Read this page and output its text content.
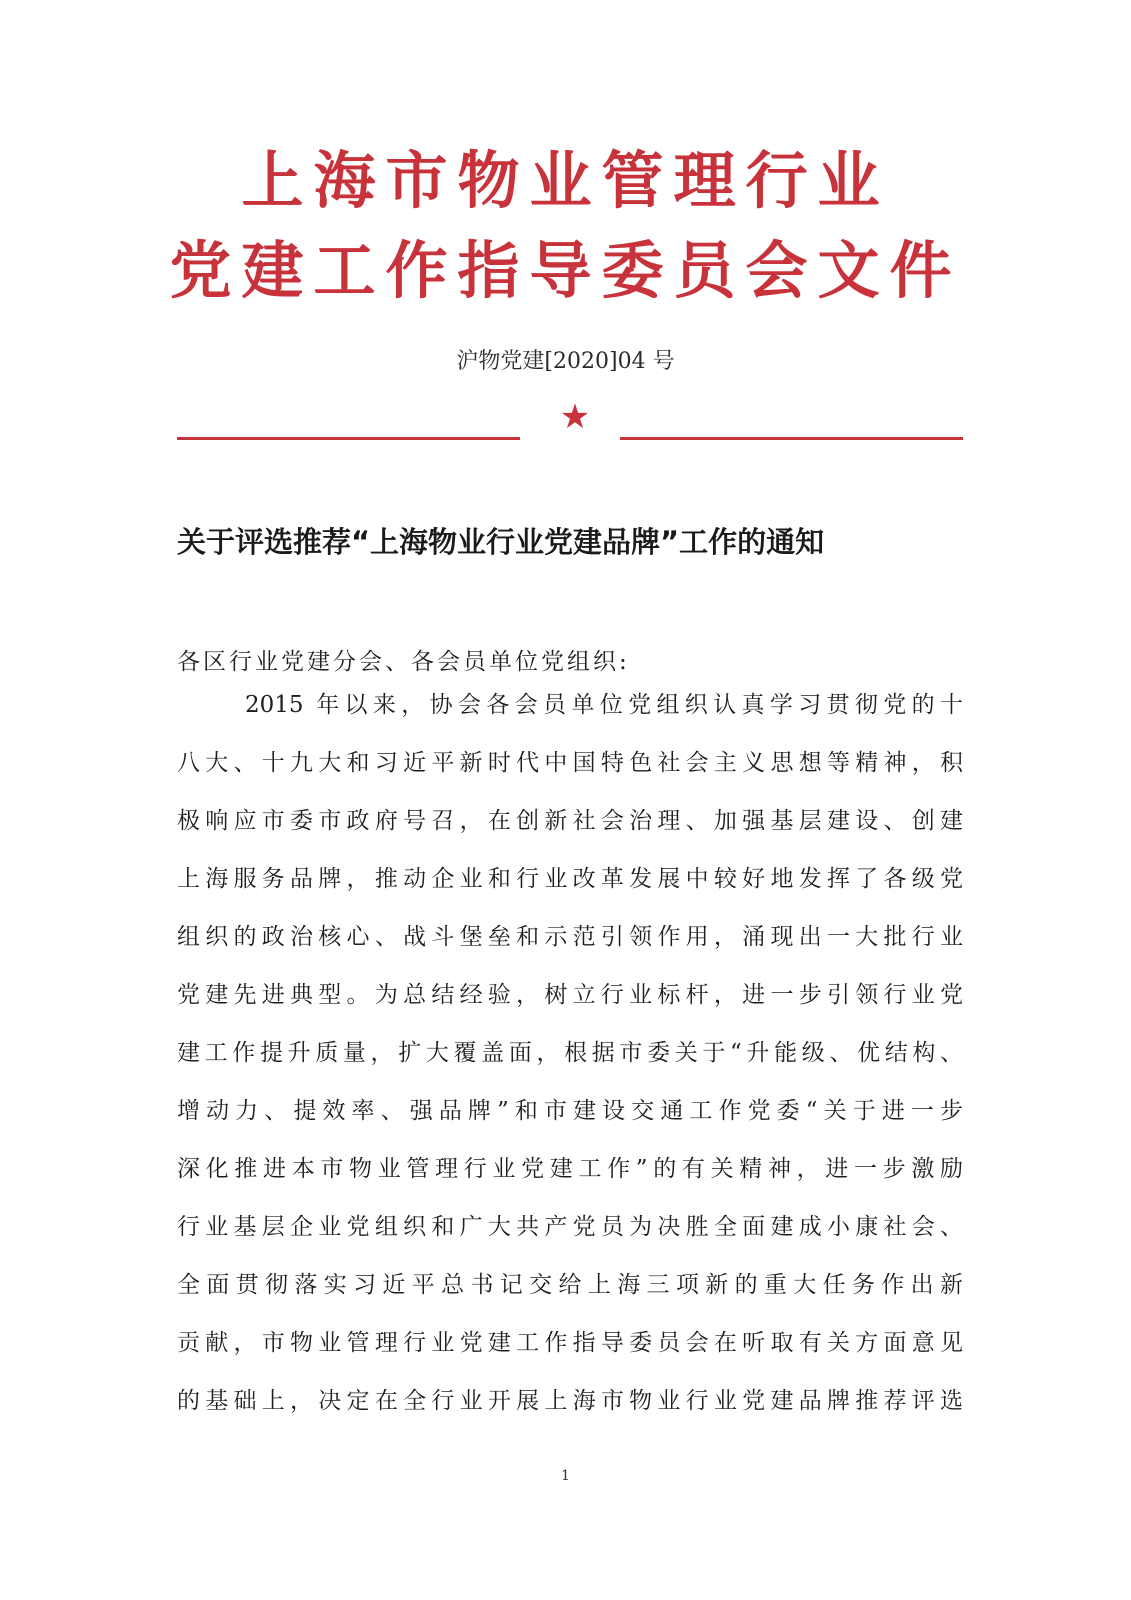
上海市物业管理行业
党建工作指导委员会文件
沪物党建[2020]04 号
★
关于评选推荐“上海物业行业党建品牌”工作的通知
各区行业党建分会、各会员单位党组织:
2015 年以来，协会各会员单位党组织认真学习贯彻党的十
八大、十九大和习近平新时代中国特色社会主义思想等精神，积
极响应市委市政府号召，在创新社会治理、加强基层建设、创建
上海服务品牌，推动企业和行业改革发展中较好地发挥了各级党
组织的政治核心、战斗堡垒和示范引领作用，涌现出一大批行业
党建先进典型。为总结经验，树立行业标杆，进一步引领行业党
建工作提升质量，扩大覆盖面，根据市委关于“升能级、优结构、
增动力、提效率、强品牌”和市建设交通工作党委“关于进一步
深化推进本市物业管理行业党建工作”的有关精神，进一步激励
行业基层企业党组织和广大共产党员为决胜全面建成小康社会、
全面贯彻落实习近平总书记交给上海三项新的重大任务作出新
贡献，市物业管理行业党建工作指导委员会在听取有关方面意见
的基础上，决定在全行业开展上海市物业行业党建品牌推荐评选
1
